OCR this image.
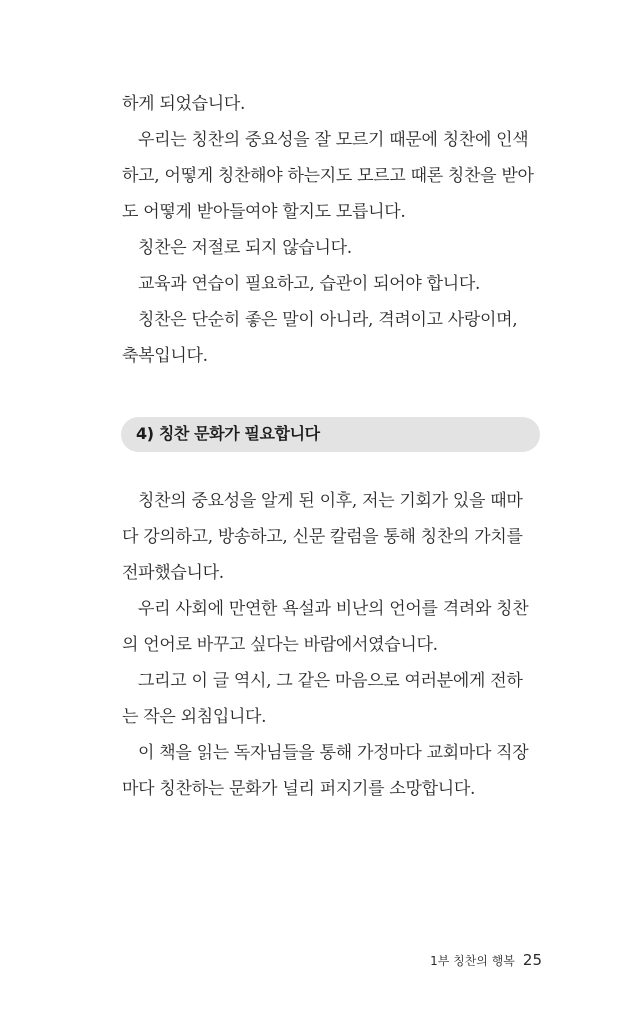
하게 되었습니다.
우리는 칭찬의 중요성을 잘 모르기 때문에 칭찬에 인색
하고, 어떻게 칭찬해야 하는지도 모르고 때론 칭찬을 받아
도 어떻게 받아들여야 할지도 모릅니다.
칭찬은 저절로 되지 않습니다.
교육과 연습이 필요하고, 습관이 되어야 합니다.
칭찬은 단순히 좋은 말이 아니라, 격려이고 사랑이며,
축복입니다.
4) 칭찬 문화가 필요합니다
칭찬의 중요성을 알게 된 이후, 저는 기회가 있을 때마
다 강의하고, 방송하고, 신문 칼럼을 통해 칭찬의 가치를
전파했습니다.
우리 사회에 만연한 욕설과 비난의 언어를 격려와 칭찬
의 언어로 바꾸고 싶다는 바람에서였습니다.
그리고 이 글 역시, 그 같은 마음으로 여러분에게 전하
는 작은 외침입니다.
이 책을 읽는 독자님들을 통해 가정마다 교회마다 직장
마다 칭찬하는 문화가 널리 퍼지기를 소망합니다.
1부 칭찬의 행복 25
